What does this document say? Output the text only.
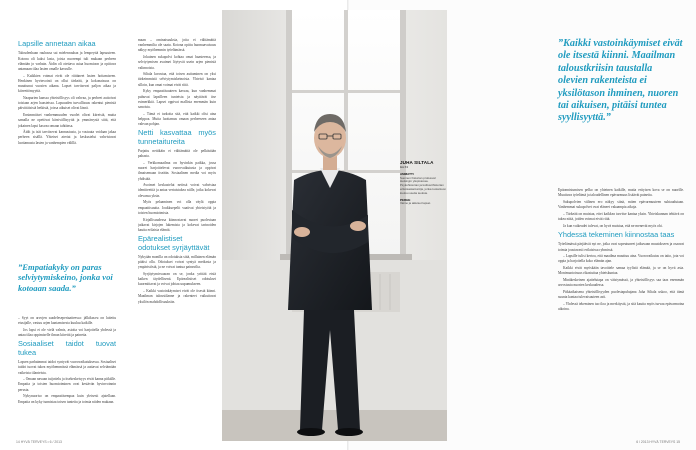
Lapsille annetaan aikaa

Taloudenhaan rauhassa sai mielenrauhaa ja lempeyttä lapsuuteen. Kotona oli kaksi lasta, joista nuorempi tuli mukaan perheen elämään jo varhain. Äidin oli otettava asiaa huomioon ja opittava antamaan tilaa lasten omalle kasvulle.

– Kaikkien voimat eivät ole riittäneet lasten hoitamiseen. Henkinen hyvinvointi on ollut tärkeää, ja kokonaisuus on muuttunut vuosien aikana. Lapset tarvitsevat paljon aikaa ja kiireettömyyttä.

Naapurien kanssa yhteisöllisyys oli vahvaa, ja perheet auttoivat toisiaan arjen haasteissa. Lapsuuden turvallisuus rakentui pienistä päivittäisistä hetkistä, joissa aikuiset olivat läsnä.

Ensimmäiset vanhemmuuden vuodet olivat kiireisiä, mutta samalla ne opettivat kärsivällisyyttä ja ymmärrystä siitä, että jokainen lapsi kasvaa omaan tahtiinsa.

Äidit ja isät tarvitsevat kannustusta, ja vastuuta voidaan jakaa perheen sisällä. Yhteiset ateriat ja keskustelut vahvistavat luottamusta lasten ja vanhempien välillä.

”Empatiakyky on paras selviytymiskeino, jonka voi kotoaan saada.”

– Syyt on arvojen saadeleseperiaatteessa: jälkikasvu on laitettu etusijalle, vastuu arjen kantamisesta kuuluu kaikille.

Jos lapsi ei ole vielä valmis, asioita voi harjoitella yhdessä ja antaa tilaa oppimiselle ilman kiirettä ja painetta.

Sosiaaliset taidot tuovat tukea

Lapsen parhaimmat taidot syntyvät vuorovaikutuksessa. Sosiaaliset taidot tuovat tukea myöhemmässä elämässä ja auttavat selviämään vaikeista tilanteista.

– Omaan navaan tuijottelu ja itsekeskeisyys eivät kanna pitkälle. Empatia ja toisten huomioiminen ovat kestävän hyvinvoinnin perusta.

Nykynuoriso on empaattisempaa kuin yleisesti ajatellaan. Empatia on kyky tunnistaa toisen tunteita ja toimia niiden mukaan.

maan – ominaisuuksia, joita ei välttämättä vanhemmilta ole saatu. Kotona opittu huomaavaisuus näkyy myöhemmin työelämässä.

Jokainen sukupolvi kohtaa omat haasteensa, ja selviytymisen avaimet löytyvät usein arjen pienistä valinnoista.

Siltala korostaa, että toisen auttaminen on yksi tärkeimmistä selviytymiskeinoista. Yhteisö kantaa silloin, kun omat voimat eivät riitä.

Kyky empaattisuuteen kasvaa, kun vanhemmat puhuvat lapsilleen tunteista ja näyttävät itse esimerkkiä. Lapset oppivat mallista enemmän kuin sanoista.

– Tämä ei tarkoita sitä, että kaikki olisi aina helppoa. Mutta luottamus omaan perheeseen antaa vahvan pohjan.

Netti kasvattaa myös tunnetaitureita

Parjattu nettikäin ei välttämättä ole pelkästään pahasta.

– Verkkomaailma on hyvinkin paikka, jossa nuoret harjoittelevat vuorovaikutusta ja oppivat ilmaisemaan itseään. Sosiaalinen media voi myös yhdistää.

Avoimet keskustelut netissä voivat vahvistaa identiteettiä ja antaa vertaistukea niille, jotka kokevat olevansa yksin.

Myös pelaaminen voi olla väylä oppia empaattisuutta. Joukkuepelit vaativat yhteistyötä ja toisten huomioimista.

Kirjallisuudessa kiinnostavat nuoret puolestaan jatkavat kirjojen lukemista ja kokevat tarinoiden kautta erilaisia elämiä.

Epärealistiset odotukset syrjäyttävät

Nykyään monilla on odotuksia siitä, millainen elämän pitäisi olla. Odotukset voivat syntyä mediasta ja ympäristöstä, ja ne voivat tuntua painavilta.

Syrjäytymisvaaran on se, jonka yrittää etsiä kaiken täydellisenä. Epärealistiset odotukset kuormittavat ja voivat johtaa uupumukseen.

– Kaikki vastoinkäymiset eivät ole itsestä kiinni. Maailman taloustilanne ja rakenteet vaikuttavat yksilön mahdollisuuksiin.

14 HYVÄ TERVEYS • 6 / 2013
”Kaikki vastoinkäymiset eivät ole itsestä kiinni. Maailman taloustkriisin taustalla olevien rakenteista ei yksilötason ihminen, nuoren tai aikuisen, pitäisi tuntea syyllisyyttä.”

Epäonnistumisen pelko on yhteinen kaikille, mutta erityisen kova se on nuorille. Muuttuva työelämä ja taloudellinen epävarmuus lisäävät paineita.

Sukupolvien välinen ero näkyy siinä, miten epävarmuuteen suhtaudutaan. Vanhemmat sukupolvet ovat eläneet vakaampia aikoja.

– Tärkeää on muistaa, ettei kaikkea tarvitse kantaa yksin. Yhteiskunnan tehtävä on tukea niitä, joiden voimat eivät riitä.

Ja kun vaikeudet tulevat, on hyvä muistaa, että ne menevät myös ohi.

Yhdessä tekeminen kiinnostaa taas

Työelämässä pärjäävät nyt ne, jotka ovat sopeutuneet jatkuvaan muutokseen ja osaavat toimia joustavasti erilaisissa ryhmissä.

– Lapsille tulisi kertoa, että maailma muuttuu aina. Vuorovaikutus on taito, jota voi oppia ja harjoitella koko elämän ajan.

Kaikki eivät myöskään tavoittele samaa tyylistä elämää, ja se on hyvä asia. Monimuotoisuus rikastuttaa yhteiskuntaa.

Minäkeskeinen ajattelutapa on väistymässä, ja yhteisöllisyys saa taas enemmän arvostusta nuorten keskuudessa.

Pitkäaikaisena yhteisöllisyyden puolestapuhujana Juha Siltala uskoo, että tämä suunta kantaa tulevaisuuteen asti.

– Yhdessä tekeminen tuo iloa ja merkitystä, ja sitä kautta myös turvaa epävarmoina aikoina.

6 / 2013 HYVÄ TERVEYS 15
JUHA SILTALA
ikä 63
AMMATTI
Suomen historian professori Helsingin yliopistossa. Psykohistorian ja kulttuurihistorian erikoisasiantuntija, jonka tuotantoon kuuluu useita teoksia.
PERHE
Vaimo ja aikuiset lapset.
